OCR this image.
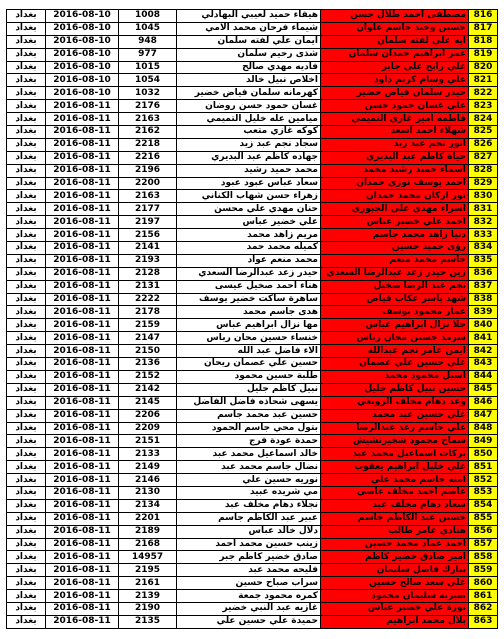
بغداد	2016-08-10	1008	هيفاء حميد لعيبي البهادلي	مصطفى احمد طلال حسن	816
بغداد	2016-08-10	1045	شيماء فرحان محمد الامي	حسين وحيد جاسم علوان	817
بغداد	2016-08-10	948	ايمان علي لفته سلمان	ايه علي لفته سلمان	818
بغداد	2016-08-10	977	شذى رحيم سلمان	عمر ابراهيم حمدان سلمان	819
بغداد	2016-08-10	1015	فاديه مهدي صالح	علي رابح علي جابر	820
بغداد	2016-08-10	1054	اخلاص نبيل خالد	علي وسام كريم داود	821
بغداد	2016-08-10	1032	كهرمانه سلمان فياض خضير	حيدر سلمان فياض خضير	822
بغداد	2016-08-11	2176	غسان حمود حسن روضان	علي غسان حمود حسن	823
بغداد	2016-08-11	2163	ميامين عله خليل التميمي	فاطمه امير غازي التميمي	824
بغداد	2016-08-11	2162	كوكه غازي متعب	شهلاء احمد اسعد	825
بغداد	2016-08-11	2218	سجاد نجم عبد زيد	انور نجم عبد زيد	826
بغداد	2016-08-11	2216	جهاده كاظم عبد البديري	حياة كاظم عبد البديري	827
بغداد	2016-08-11	2196	محمد حميد رشيد	اسماء حميد رشيد محمد	828
بغداد	2016-08-11	2200	سعاد عباس عبود عبود	احمد يوسف نوري حمدان	829
بغداد	2016-08-11	2163	زهراء حسن شهاب الكناني	نور اركان محمد حمدان	830
بغداد	2016-08-11	2177	حنان مهدي علي محسن	اسراء مهدي علي الجبوري	831
بغداد	2016-08-11	2197	علي خضير عباس	احمد علي خضير عباس	832
بغداد	2016-08-11	2156	مريم زاهد محمد	دنيا زاهد محمد جاسم	833
بغداد	2016-08-11	2141	كميله محمد حمد	رؤى حميد حسين	834
بغداد	2016-08-11	2193	محمد منعم عواد	جاسم محمد منعم	835
بغداد	2016-08-11	2128	حيدر زعد عبدالرضا السعدي	زين حيدر زعد عبدالرضا السعدي	836
بغداد	2016-08-11	2131	هناء احمد صخيل عيسى	نجم عبد الرضا صخيل	837
بغداد	2016-08-11	2222	ساهرة ساكت خضير يوسف	شهد ياسر عكاب فياض	838
بغداد	2016-08-11	2178	هدى جاسم محمد	عمار محمود يوسف	839
بغداد	2016-08-11	2159	مها نزال ابراهيم عباس	حلا نزال ابراهيم عباس	840
بغداد	2016-08-11	2147	خنساء حسين محان رباس	سرمد حسين محان رباس	841
بغداد	2016-08-11	2150	الاء فاضل عبد الله	ايمن عامر نجم عبدالله	842
بغداد	2016-08-11	2136	حسين علي عصمان ريحان	علي حسين علي عصمان	843
بغداد	2016-08-11	2152	طلبة حسين محمود	اسيل محمود محمد	844
بغداد	2016-08-11	2142	نبيل كاظم جليل	حسين نبيل كاظم جليل	845
بغداد	2016-08-11	2145	يسهى شحاذه فاضل الفاضل	وعد دهام مخلف الزوبعي	846
بغداد	2016-08-11	2206	حسين عبد محمد جاسم	علي حسين عبد محمد	847
بغداد	2016-08-11	2209	بتول محي جاسم الحمود	علي جاسم زعد عبدالرضا	848
بغداد	2016-08-11	2151	حمدة عودة فرج	سماح محمود شخيرنشيش	849
بغداد	2016-08-11	2133	خالد اسماعيل محمد عبد	بركات اسماعيل محمد عبد	850
بغداد	2016-08-11	2149	نضال جاسم محمد عبد	علي خليل ابراهيم يعقوب	851
بغداد	2016-08-11	2146	نوريه حسين علي	امنه جاسم محمد علي	852
بغداد	2016-08-11	2130	مي شريده عبيد	عاصم احمد مخلف عاصي	853
بغداد	2016-08-11	2134	نجلاء دهام مخلف عبد	سعاد دهام مخلف عبد	854
بغداد	2016-08-11	2201	عبير عبد الكاظم جاسم	حسين عبد الكاظم جاسم	855
بغداد	2016-08-11	2189	دلال خالد عباس	هنادي عامر طالب	856
بغداد	2016-08-11	2168	زينب حسين محمد احمد	احمد عماد محمد حسين	857
بغداد	2016-08-11	14957	صادق خضير كاظم جبر	امير صادق خضير كاظم	858
بغداد	2016-08-11	2195	فليحه محمد عبد	تبارك فاضل سليمان	859
بغداد	2016-08-11	2161	سراب صباح حسين	علي سعد صالح حسين	860
بغداد	2016-08-11	2139	كمره محمود جمعة	صبريه سليمان محمود	861
بغداد	2016-08-11	2190	غازيه عبد النبي خضير	نورة علي خضير عباس	862
بغداد	2016-08-11	2135	حميدة علي حسين علي	بلال محمد ابراهيم	863
